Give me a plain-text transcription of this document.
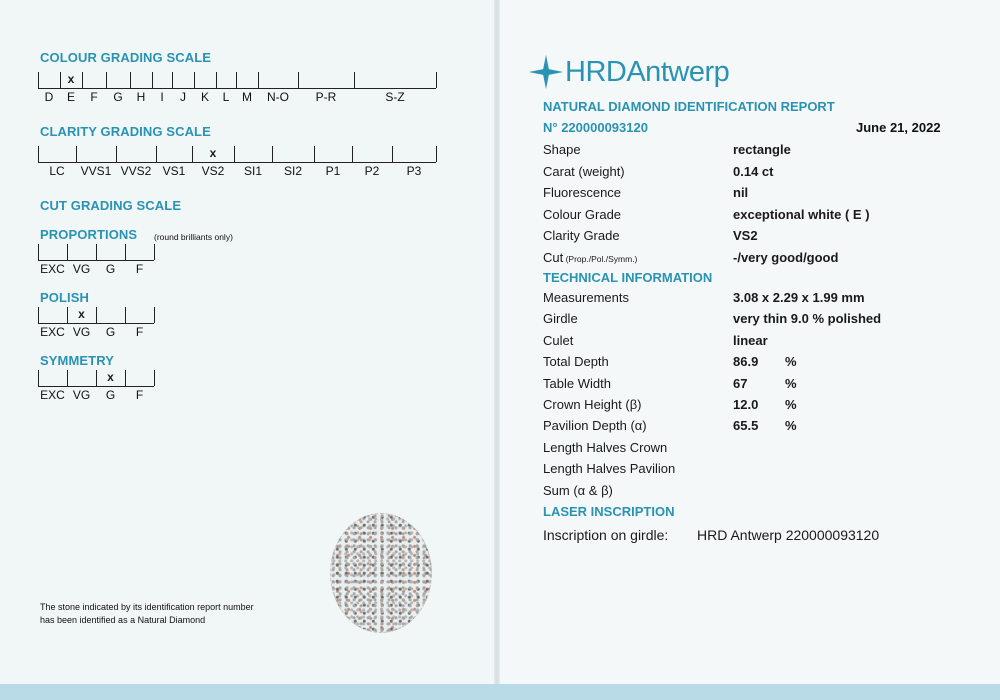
COLOUR GRADING SCALE
D E F G H I J K L M N-O P-R	S-Z
x
CLARITY GRADING SCALE
LC VVS1 VVS2 VS1 VS2 SI1 SI2 P1 P2 P3
x
CUT GRADING SCALE
PROPORTIONS (round brilliants only)
EXC VG G F
POLISH
EXC VG G F
x
SYMMETRY
EXC VG G F
x
The stone indicated by its identification report number
has been identified as a Natural Diamond
HRDAntwerp
NATURAL DIAMOND IDENTIFICATION REPORT
N° 220000093120	June 21, 2022
Shape	rectangle
Carat (weight)	0.14 ct
Fluorescence	nil
Colour Grade	exceptional white ( E )
Clarity Grade	VS2
Cut (Prop./Pol./Symm.)	-/very good/good
TECHNICAL INFORMATION
Measurements	3.08 x 2.29 x 1.99 mm
Girdle	very thin 9.0 % polished
Culet	linear
Total Depth	86.9 %
Table Width	67	%
Crown Height (β)	12.0 %
Pavilion Depth (α)	65.5 %
Length Halves Crown
Length Halves Pavilion
Sum (α & β)
LASER INSCRIPTION
Inscription on girdle: HRD Antwerp 220000093120
